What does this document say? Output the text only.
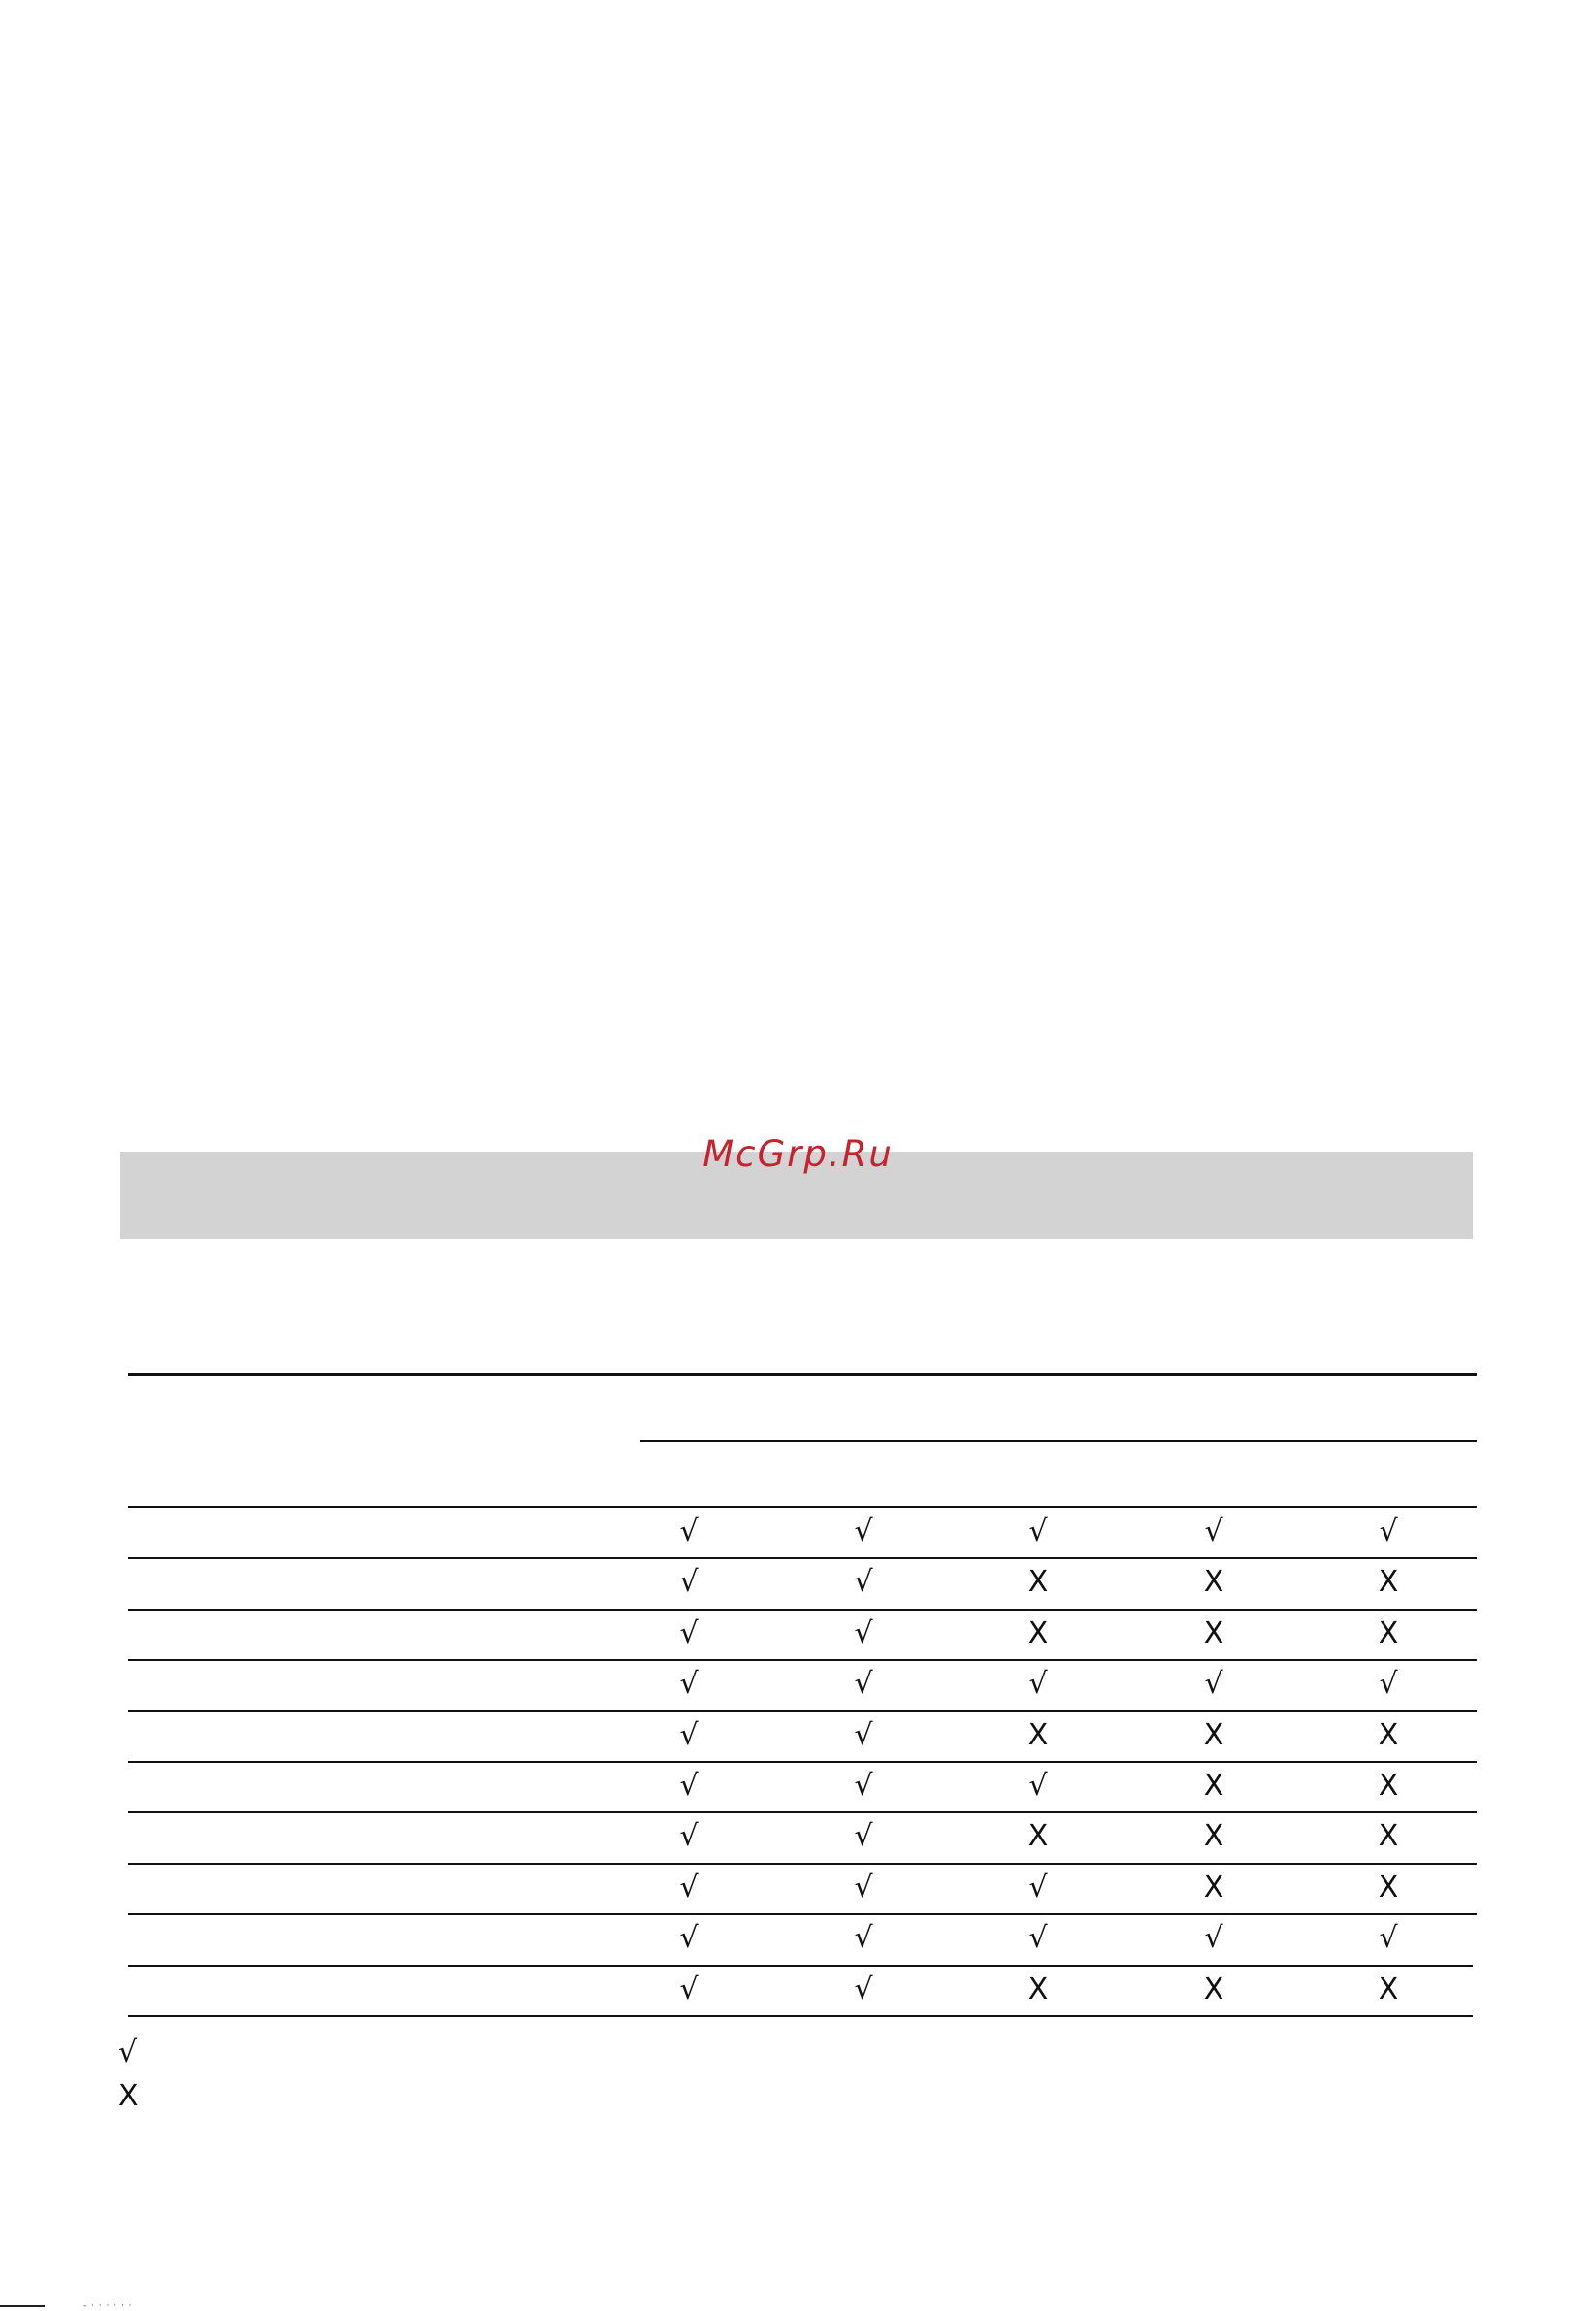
McGrp.Ru
√	√	√	√	√
√	√	X	X	X
√	√	X	X	X
√	√	√	√	√
√	√	X	X	X
√	√	√	X	X
√	√	X	X	X
√	√	√	X	X
√	√	√	√	√
√	√	X	X	X
√
X
‐ · · · · · ·
